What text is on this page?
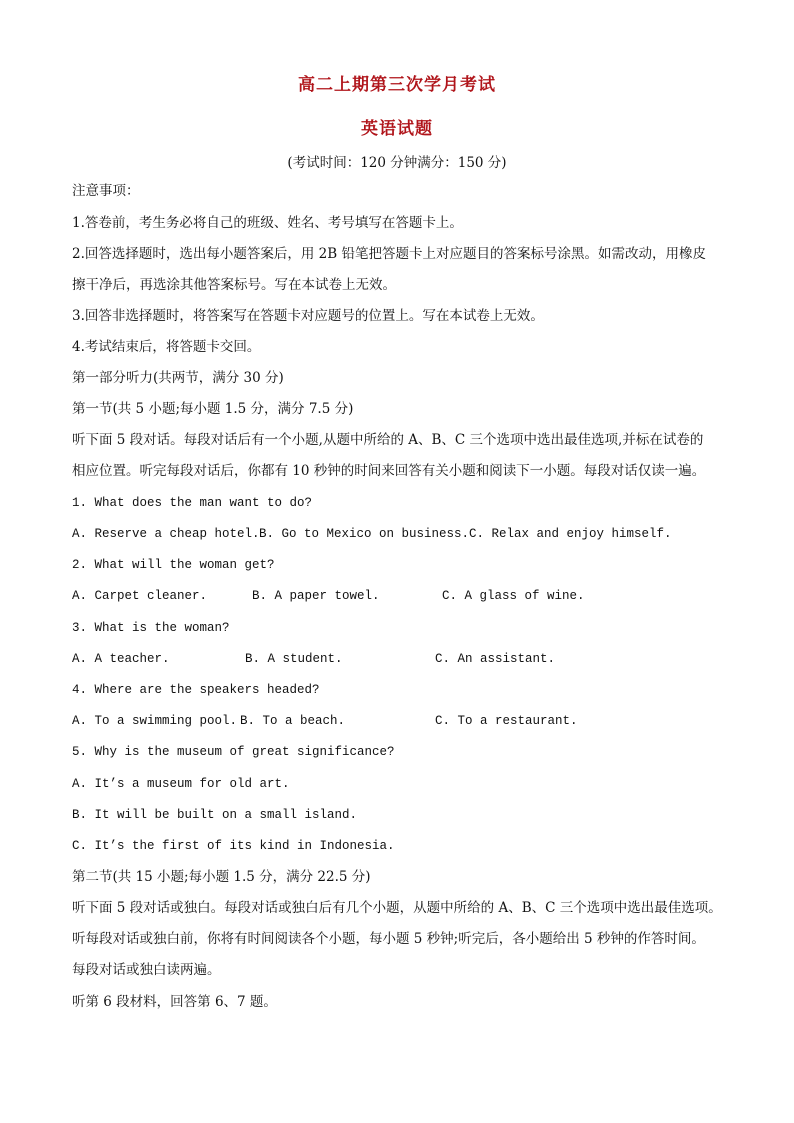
高二上期第三次学月考试
英语试题
(考试时间：120 分钟满分：150 分)
注意事项：
1.答卷前，考生务必将自己的班级、姓名、考号填写在答题卡上。
2.回答选择题时，选出每小题答案后，用 2B 铅笔把答题卡上对应题目的答案标号涂黑。如需改动，用橡皮
擦干净后，再选涂其他答案标号。写在本试卷上无效。
3.回答非选择题时，将答案写在答题卡对应题号的位置上。写在本试卷上无效。
4.考试结束后，将答题卡交回。
第一部分听力(共两节，满分 30 分)
第一节(共 5 小题;每小题 1.5 分，满分 7.5 分)
听下面 5 段对话。每段对话后有一个小题,从题中所给的 A、B、C 三个选项中选出最佳选项,并标在试卷的
相应位置。听完每段对话后，你都有 10 秒钟的时间来回答有关小题和阅读下一小题。每段对话仅读一遍。
1. What does the man want to do?
A. Reserve a cheap hotel.B. Go to Mexico on business.C. Relax and enjoy himself.
2. What will the woman get?
A. Carpet cleaner.	B. A paper towel.	C. A glass of wine.
3. What is the woman?
A. A teacher.	B. A student.	C. An assistant.
4. Where are the speakers headed?
A. To a swimming pool. B. To a beach.	C. To a restaurant.
5. Why is the museum of great significance?
A. It’s a museum for old art.
B. It will be built on a small island.
C. It’s the first of its kind in Indonesia.
第二节(共 15 小题;每小题 1.5 分，满分 22.5 分)
听下面 5 段对话或独白。每段对话或独白后有几个小题，从题中所给的 A、B、C 三个选项中选出最佳选项。
听每段对话或独白前，你将有时间阅读各个小题，每小题 5 秒钟;听完后，各小题给出 5 秒钟的作答时间。
每段对话或独白读两遍。
听第 6 段材料，回答第 6、7 题。
